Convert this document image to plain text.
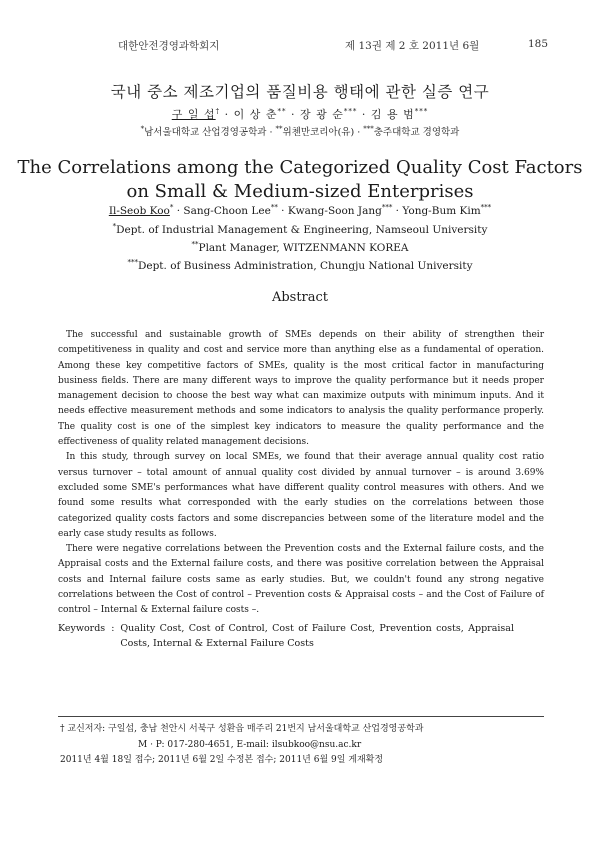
대한안전경영과학회지	제 13권 제 2 호 2011년 6월	185
국내 중소 제조기업의 품질비용 행태에 관한 실증 연구
구 일 섭† · 이 상 춘** · 장 광 순*** · 김 용 범***
*남서울대학교 산업경영공학과 · **위첸만코리아(유) · ***충주대학교 경영학과
The Correlations among the Categorized Quality Cost Factors
on Small & Medium-sized Enterprises
Il-Seob Koo* · Sang-Choon Lee** · Kwang-Soon Jang*** · Yong-Bum Kim***
*Dept. of Industrial Management & Engineering, Namseoul University
**Plant Manager, WITZENMANN KOREA
***Dept. of Business Administration, Chungju National University
Abstract

The successful and sustainable growth of SMEs depends on their ability of strengthen their competitiveness in quality and cost and service more than anything else as a fundamental of operation. Among these key competitive factors of SMEs, quality is the most critical factor in manufacturing business fields. There are many different ways to improve the quality performance but it needs proper management decision to choose the best way what can maximize outputs with minimum inputs. And it needs effective measurement methods and some indicators to analysis the quality performance properly. The quality cost is one of the simplest key indicators to measure the quality performance and the effectiveness of quality related management decisions.

In this study, through survey on local SMEs, we found that their average annual quality cost ratio versus turnover – total amount of annual quality cost divided by annual turnover – is around 3.69% excluded some SME's performances what have different quality control measures with others. And we found some results what corresponded with the early studies on the correlations between those categorized quality costs factors and some discrepancies between some of the literature model and the early case study results as follows.

There were negative correlations between the Prevention costs and the External failure costs, and the Appraisal costs and the External failure costs, and there was positive correlation between the Appraisal costs and Internal failure costs same as early studies. But, we couldn't found any strong negative correlations between the Cost of control – Prevention costs & Appraisal costs – and the Cost of Failure of control – Internal & External failure costs –.

Keywords : Quality Cost, Cost of Control, Cost of Failure Cost, Prevention costs, Appraisal Costs, Internal & External Failure Costs
† 교신저자: 구일섭, 충남 천안시 서북구 성환읍 매주리 21번지 남서울대학교 산업경영공학과
M · P: 017-280-4651, E-mail: ilsubkoo@nsu.ac.kr
2011년 4월 18일 접수; 2011년 6월 2일 수정본 접수; 2011년 6월 9일 게재확정
